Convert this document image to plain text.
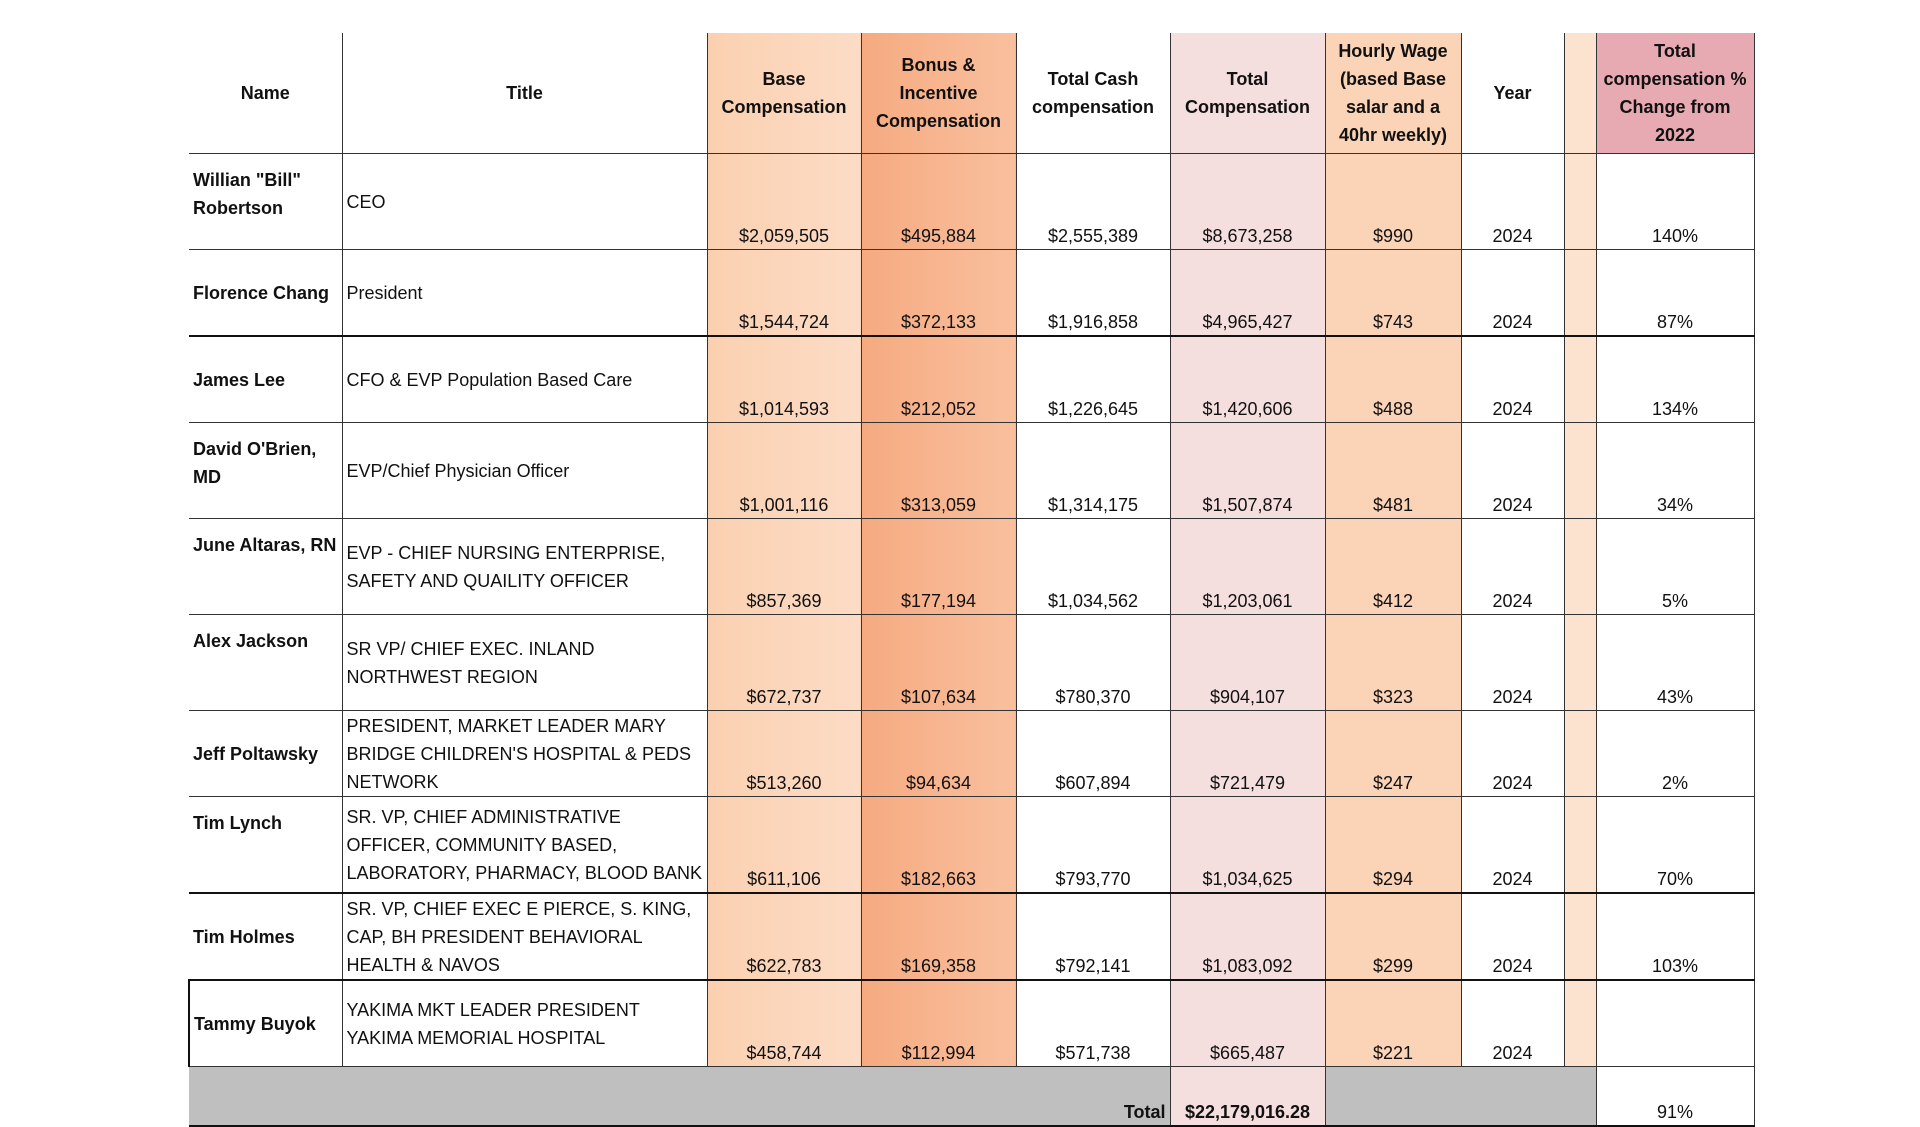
Name	Title	Base Compensation	Bonus & Incentive Compensation	Total Cash compensation	Total Compensation	Hourly Wage (based Base salar and a 40hr weekly)	Year		Total compensation % Change from 2022
Willian "Bill" Robertson	CEO	$2,059,505	$495,884	$2,555,389	$8,673,258	$990	2024		140%
Florence Chang	President	$1,544,724	$372,133	$1,916,858	$4,965,427	$743	2024		87%
James Lee	CFO & EVP Population Based Care	$1,014,593	$212,052	$1,226,645	$1,420,606	$488	2024		134%
David O'Brien, MD	EVP/Chief Physician Officer	$1,001,116	$313,059	$1,314,175	$1,507,874	$481	2024		34%
June Altaras, RN	EVP - CHIEF NURSING ENTERPRISE, SAFETY AND QUAILITY OFFICER	$857,369	$177,194	$1,034,562	$1,203,061	$412	2024		5%
Alex Jackson	SR VP/ CHIEF EXEC. INLAND NORTHWEST REGION	$672,737	$107,634	$780,370	$904,107	$323	2024		43%
Jeff Poltawsky	PRESIDENT, MARKET LEADER MARY BRIDGE CHILDREN'S HOSPITAL & PEDS NETWORK	$513,260	$94,634	$607,894	$721,479	$247	2024		2%
Tim Lynch	SR. VP, CHIEF ADMINISTRATIVE OFFICER, COMMUNITY BASED, LABORATORY, PHARMACY, BLOOD BANK	$611,106	$182,663	$793,770	$1,034,625	$294	2024		70%
Tim Holmes	SR. VP, CHIEF EXEC E PIERCE, S. KING, CAP, BH PRESIDENT BEHAVIORAL HEALTH & NAVOS	$622,783	$169,358	$792,141	$1,083,092	$299	2024		103%
Tammy Buyok	YAKIMA MKT LEADER PRESIDENT YAKIMA MEMORIAL HOSPITAL	$458,744	$112,994	$571,738	$665,487	$221	2024		
Total					$22,179,016.28				91%
